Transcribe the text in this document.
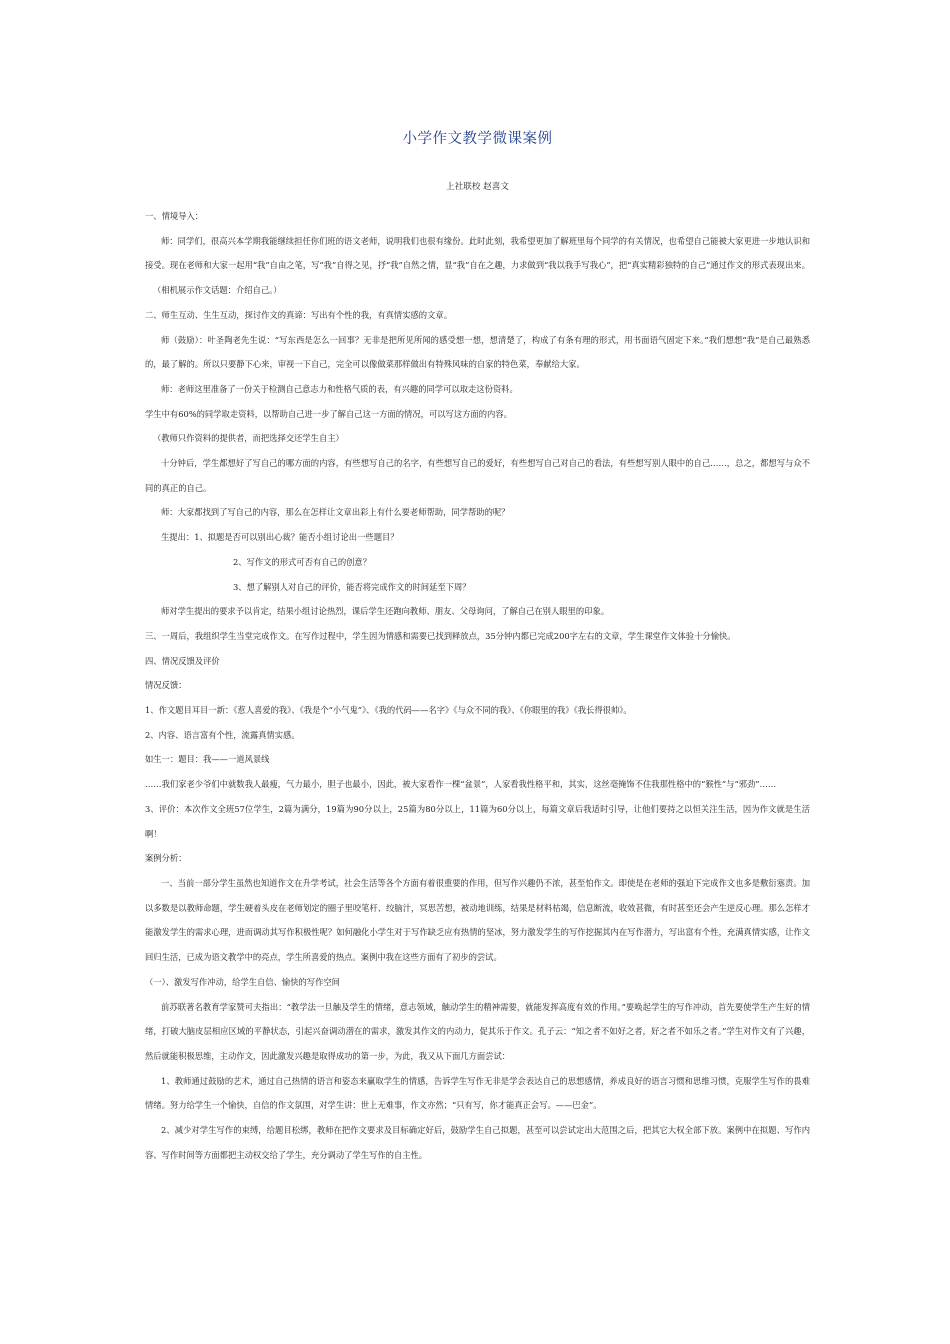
小学作文教学微课案例
上社联校 赵喜文

一、情境导入：

师：同学们，很高兴本学期我能继续担任你们班的语文老师，说明我们也很有缘份。此时此刻，我希望更加了解班里每个同学的有关情况，也希望自己能被大家更进一步地认识和接受。现在老师和大家一起用“我”自由之笔，写“我”自得之见，抒“我”自然之情，显“我”自在之趣，力求做到“我以我手写我心”，把“真实精彩独特的自己”通过作文的形式表现出来。

（相机展示作文话题：介绍自己。）

二、师生互动、生生互动，探讨作文的真谛：写出有个性的我，有真情实感的文章。

师（鼓励）：叶圣陶老先生说：“写东西是怎么一回事？无非是把所见所闻的感受想一想，想清楚了，构成了有条有理的形式，用书面语气固定下来。”我们想想“我”是自己最熟悉的，最了解的。所以只要静下心来，审视一下自己，完全可以像做菜那样做出有特殊风味的自家的特色菜，奉献给大家。

师：老师这里准备了一份关于检测自己意志力和性格气质的表，有兴趣的同学可以取走这份资料。

学生中有60%的同学取走资料，以帮助自己进一步了解自己这一方面的情况，可以写这方面的内容。

（教师只作资料的提供者，而把选择交还学生自主）

十分钟后，学生都想好了写自己的哪方面的内容，有些想写自己的名字，有些想写自己的爱好，有些想写自己对自己的看法，有些想写别人眼中的自己……，总之，都想写与众不同的真正的自己。

师：大家都找到了写自己的内容，那么在怎样让文章出彩上有什么要老师帮助，同学帮助的呢？

生提出：1、拟题是否可以别出心裁？能否小组讨论出一些题目？

2、写作文的形式可否有自己的创意？

3、想了解别人对自己的评价，能否将完成作文的时间延至下周？

师对学生提出的要求予以肯定，结果小组讨论热烈，课后学生还跑向教师、朋友、父母询问，了解自己在别人眼里的印象。

三、一周后，我组织学生当堂完成作文。在写作过程中，学生因为情感和需要已找到释放点，35分钟内都已完成200字左右的文章，学生课堂作文体验十分愉快。

四、情况反馈及评价

情况反馈：

1、作文题目耳目一新：《惹人喜爱的我》、《我是个“小气鬼”》、《我的代码——名字》《与众不同的我》、《你眼里的我》《我长得很帅》。

2、内容、语言富有个性，流露真情实感。

如生一：题目：我——一道风景线

……我们家老少爷们中就数我人最瘦，气力最小，胆子也最小，因此，被大家看作一棵“盆景”，人家看我性格平和，其实，这丝毫掩饰不住我那性格中的“猴性”与“邪劲”……

3、评价：本次作文全班57位学生，2篇为满分，19篇为90分以上，25篇为80分以上，11篇为60分以上，每篇文章后我适时引导，让他们要持之以恒关注生活，因为作文就是生活啊！

案例分析：

一、当前一部分学生虽然也知道作文在升学考试，社会生活等各个方面有着很重要的作用，但写作兴趣仍不浓，甚至怕作文。即使是在老师的强迫下完成作文也多是敷衍塞责。加以多数是以教师命题，学生硬着头皮在老师划定的圈子里咬笔杆、绞脑汁，冥思苦想，被动地训练，结果是材料枯竭，信息断流，收效甚微，有时甚至还会产生逆反心理。那么怎样才能激发学生的需求心理，进而调动其写作积极性呢？如何融化小学生对于写作缺乏应有热情的坚冰，努力激发学生的写作挖掘其内在写作潜力，写出富有个性，充满真情实感，让作文回归生活，已成为语文教学中的亮点，学生所喜爱的热点。案例中我在这些方面有了初步的尝试。

（一）、激发写作冲动，给学生自信、愉快的写作空间

前苏联著名教育学家赞可夫指出：“教学法一旦触及学生的情绪，意志领域，触动学生的精神需要，就能发挥高度有效的作用。”要唤起学生的写作冲动，首先要使学生产生好的情绪，打破大脑皮层相应区域的平静状态，引起兴奋调动潜在的需求，激发其作文的内动力，促其乐于作文。孔子云：“知之者不如好之者，好之者不如乐之者。”学生对作文有了兴趣，然后就能积极思维，主动作文，因此激发兴趣是取得成功的第一步，为此，我又从下面几方面尝试：

1、教师通过鼓励的艺术，通过自己热情的语言和姿态来赢取学生的情感，告诉学生写作无非是学会表达自己的思想感情，养成良好的语言习惯和思维习惯，克服学生写作的畏难情绪。努力给学生一个愉快，自信的作文氛围，对学生讲：世上无难事，作文亦然；“只有写，你才能真正会写。——巴金”。

2、减少对学生写作的束缚，给题目松绑，教师在把作文要求及目标确定好后，鼓励学生自己拟题，甚至可以尝试定出大范围之后，把其它大权全部下放。案例中在拟题、写作内容、写作时间等方面都把主动权交给了学生，充分调动了学生写作的自主性。
